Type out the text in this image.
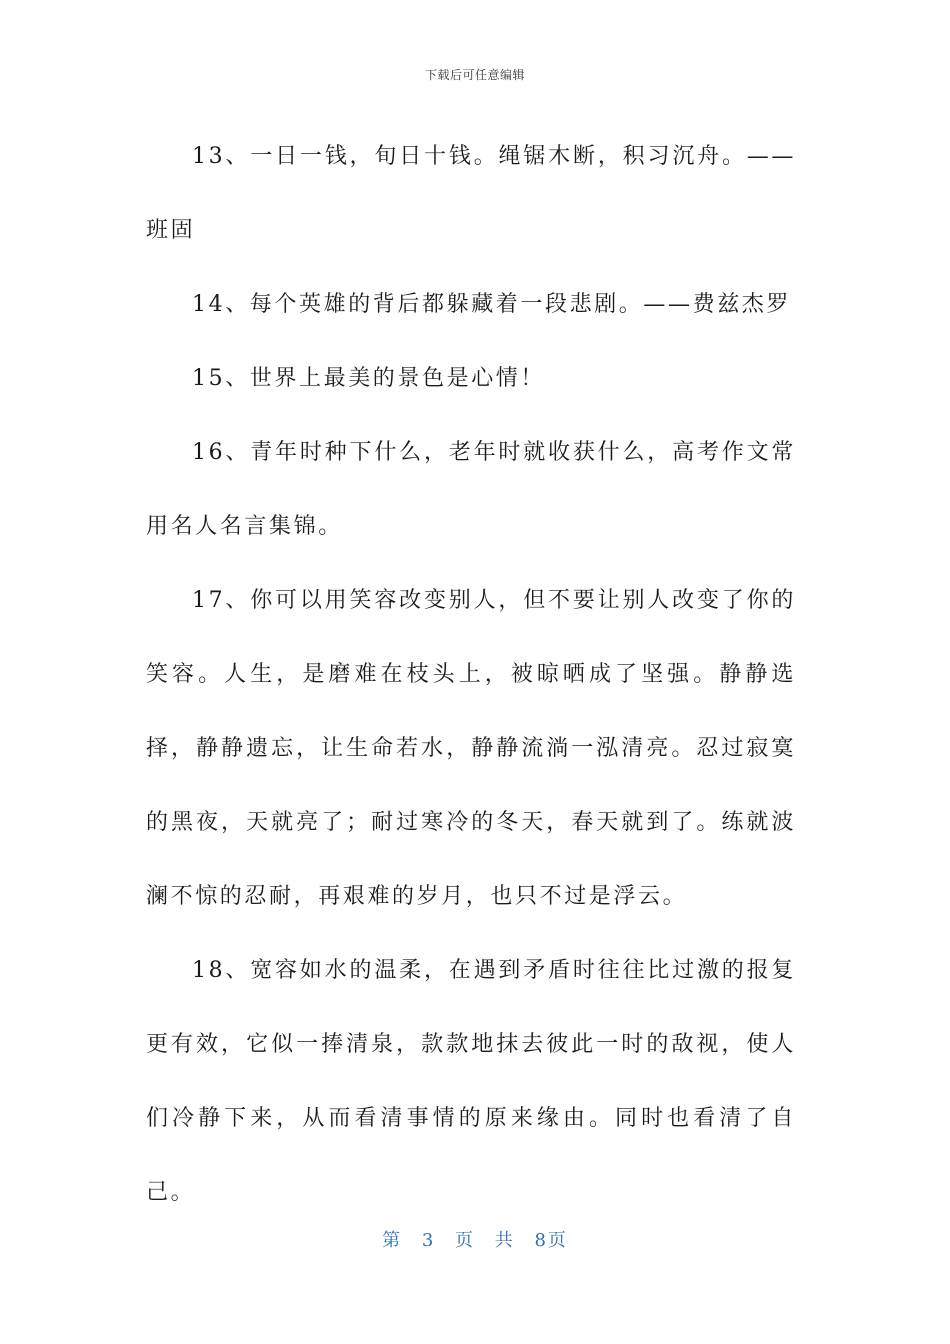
下载后可任意编辑

13、一日一钱，旬日十钱。绳锯木断，积习沉舟。——班固

14、每个英雄的背后都躲藏着一段悲剧。——费兹杰罗

15、世界上最美的景色是心情！

16、青年时种下什么，老年时就收获什么，高考作文常用名人名言集锦。

17、你可以用笑容改变别人，但不要让别人改变了你的笑容。人生，是磨难在枝头上，被晾晒成了坚强。静静选择，静静遗忘，让生命若水，静静流淌一泓清亮。忍过寂寞的黑夜，天就亮了；耐过寒冷的冬天，春天就到了。练就波澜不惊的忍耐，再艰难的岁月，也只不过是浮云。

18、宽容如水的温柔，在遇到矛盾时往往比过激的报复更有效，它似一捧清泉，款款地抹去彼此一时的敌视，使人们冷静下来，从而看清事情的原来缘由。同时也看清了自己。

第 3 页 共 8页
